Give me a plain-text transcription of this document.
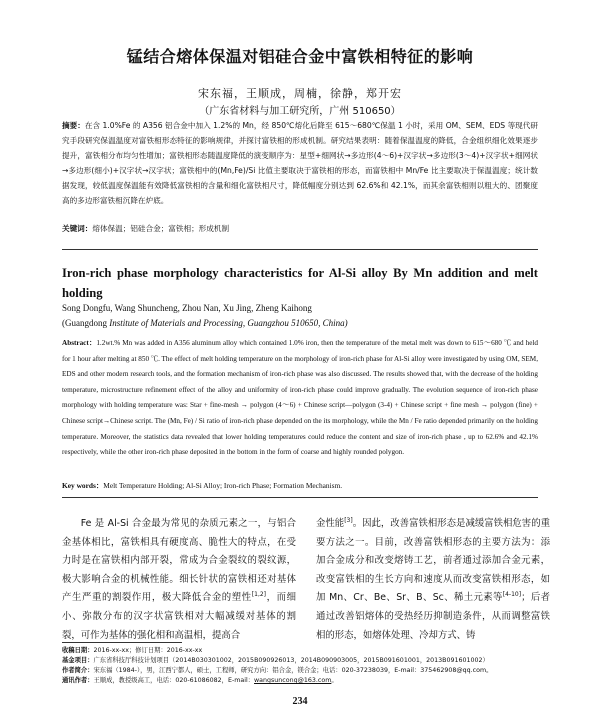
锰结合熔体保温对铝硅合金中富铁相特征的影响
宋东福，王顺成，周楠，徐静，郑开宏
（广东省材料与加工研究所，广州 510650）
摘要：在含 1.0%Fe 的 A356 铝合金中加入 1.2%的 Mn，经 850℃熔化后降至 615～680℃保温 1 小时，采用 OM、SEM、EDS 等现代研究手段研究保温温度对富铁相形态特征的影响规律，并探讨富铁相的形成机制。研究结果表明：随着保温温度的降低，合金组织细化效果逐步提升，富铁相分布均匀性增加；富铁相形态随温度降低的演变顺序为：星型+细网状→多边形(4～6)+汉字状→多边形(3～4)+汉字状+细网状→多边形(细小)+汉字状→汉字状；富铁相中的(Mn,Fe)/Si 比值主要取决于富铁相的形态，而富铁相中 Mn/Fe 比主要取决于保温温度；统计数据发现，较低温度保温能有效降低富铁相的含量和细化富铁相尺寸，降低幅度分别达到 62.6%和 42.1%，而其余富铁相则以粗大的、团聚度高的多边形富铁相沉降在炉底。
关键词：熔体保温；铝硅合金；富铁相；形成机制
Iron-rich phase morphology characteristics for Al-Si alloy By Mn addition and melt holding
Song Dongfu, Wang Shuncheng, Zhou Nan, Xu Jing, Zheng Kaihong
(Guangdong Institute of Materials and Processing, Guangzhou 510650, China)
Abstract：1.2wt.% Mn was added in A356 aluminum alloy which contained 1.0% iron, then the temperature of the metal melt was down to 615～680 ℃ and held for 1 hour after melting at 850 ℃. The effect of melt holding temperature on the morphology of iron-rich phase for Al-Si alloy were investigated by using OM, SEM, EDS and other modern research tools, and the formation mechanism of iron-rich phase was also discussed. The results showed that, with the decrease of the holding temperature, microstructure refinement effect of the alloy and uniformity of iron-rich phase could improve gradually. The evolution sequence of iron-rich phase morphology with holding temperature was: Star + fine-mesh → polygon (4～6) + Chinese script—polygon (3-4) + Chinese script + fine mesh → polygon (fine) + Chinese script→Chinese script. The (Mn, Fe) / Si ratio of iron-rich phase depended on the its morphology, while the Mn / Fe ratio depended primarily on the holding temperature. Moreover, the statistics data revealed that lower holding temperatures could reduce the content and size of iron-rich phase , up to 62.6% and 42.1% respectively, while the other iron-rich phase deposited in the bottom in the form of coarse and highly rounded polygon.
Key words：Melt Temperature Holding; Al-Si Alloy; Iron-rich Phase; Formation Mechanism.
Fe 是 Al-Si 合金最为常见的杂质元素之一，与铝合金基体相比，富铁相具有硬度高、脆性大的特点，在受力时是在富铁相内部开裂，常成为合金裂纹的裂纹源，极大影响合金的机械性能。细长针状的富铁相还对基体产生严重的割裂作用，极大降低合金的塑性[1,2]，而细小、弥散分布的汉字状富铁相对大幅减缓对基体的割裂，可作为基体的强化相和高温相，提高合
金性能[3]。因此，改善富铁相形态是减缓富铁相危害的重要方法之一。目前，改善富铁相形态的主要方法为：添加合金成分和改变熔铸工艺，前者通过添加合金元素，改变富铁相的生长方向和速度从而改变富铁相形态，如加 Mn、Cr、Be、Sr、B、Sc、稀土元素等[4-10]；后者通过改善铝熔体的受热经历抑制造条件，从而调整富铁相的形态，如熔体处理、冷却方式、铸
收稿日期：2016-xx-xx；修订日期：2016-xx-xx
基金项目：广东省科技厅科技计划项目（2014B030301002，2015B090926013，2014B090903005，2015B091601001，2013B091601002）
作者简介：宋东福（1984-），男，江西宁都人，硕士，工程师，研究方向：铝合金，镁合金；电话：020-37238039，E-mail：375462908@qq.com。
通讯作者：王顺成，教授级高工，电话：020-61086082，E-mail：wangsuncong@163.com。
234
